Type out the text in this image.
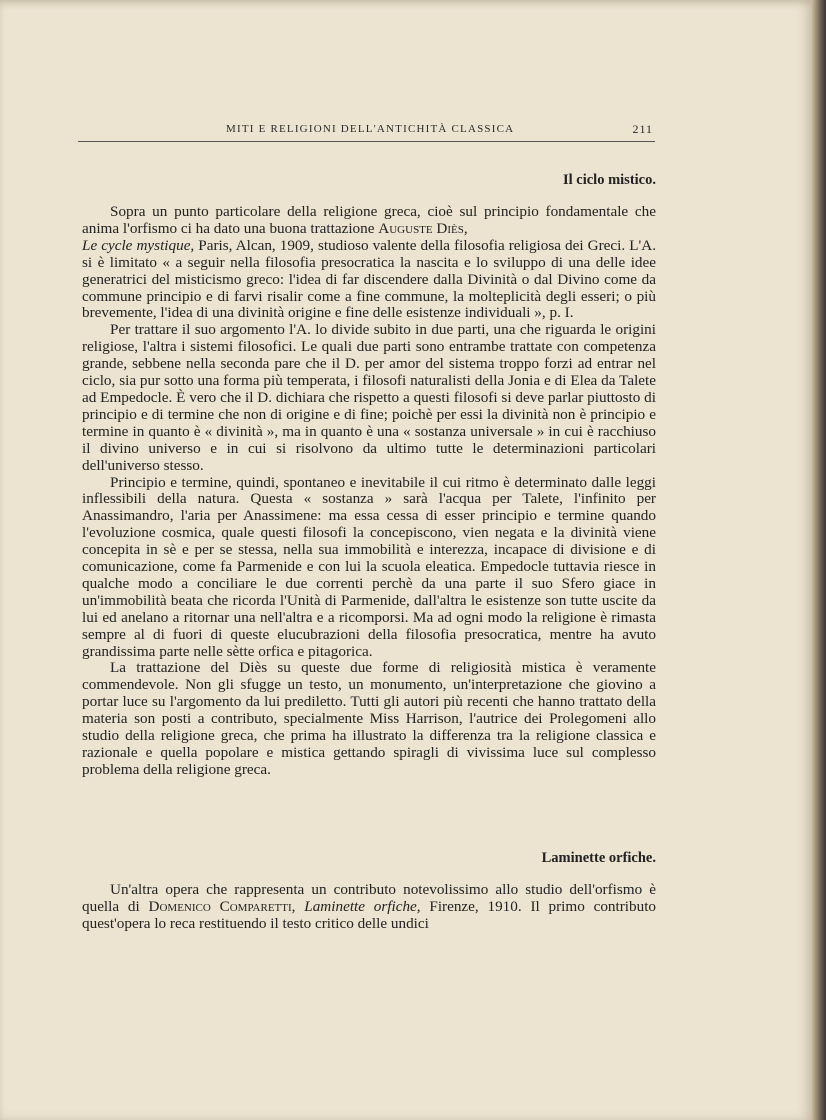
MITI E RELIGIONI DELL'ANTICHITÀ CLASSICA	211
Il ciclo mistico.

Sopra un punto particolare della religione greca, cioè sul principio fondamentale che anima l'orfismo ci ha dato una buona trattazione Auguste Diès,
Le cycle mystique, Paris, Alcan, 1909, studioso valente della filosofia religiosa dei Greci. L'A. si è limitato « a seguir nella filosofia presocratica la nascita e lo sviluppo di una delle idee generatrici del misticismo greco: l'idea di far discendere dalla Divinità o dal Divino come da commune principio e di farvi risalir come a fine commune, la molteplicità degli esseri; o più brevemente, l'idea di una divinità origine e fine delle esistenze individuali », p. I.

Per trattare il suo argomento l'A. lo divide subito in due parti, una che riguarda le origini religiose, l'altra i sistemi filosofici. Le quali due parti sono entrambe trattate con competenza grande, sebbene nella seconda pare che il D. per amor del sistema troppo forzi ad entrar nel ciclo, sia pur sotto una forma più temperata, i filosofi naturalisti della Jonia e di Elea da Talete ad Empedocle. È vero che il D. dichiara che rispetto a questi filosofi si deve parlar piuttosto di principio e di termine che non di origine e di fine; poichè per essi la divinità non è principio e termine in quanto è « divinità », ma in quanto è una « sostanza universale » in cui è racchiuso il divino universo e in cui si risolvono da ultimo tutte le determinazioni particolari dell'universo stesso.

Principio e termine, quindi, spontaneo e inevitabile il cui ritmo è determinato dalle leggi inflessibili della natura. Questa « sostanza » sarà l'acqua per Talete, l'infinito per Anassimandro, l'aria per Anassimene: ma essa cessa di esser principio e termine quando l'evoluzione cosmica, quale questi filosofi la concepiscono, vien negata e la divinità viene concepita in sè e per se stessa, nella sua immobilità e interezza, incapace di divisione e di comunicazione, come fa Parmenide e con lui la scuola eleatica. Empedocle tuttavia riesce in qualche modo a conciliare le due correnti perchè da una parte il suo Sfero giace in un'immobilità beata che ricorda l'Unità di Parmenide, dall'altra le esistenze son tutte uscite da lui ed anelano a ritornar una nell'altra e a ricomporsi. Ma ad ogni modo la religione è rimasta sempre al di fuori di queste elucubrazioni della filosofia presocratica, mentre ha avuto grandissima parte nelle sètte orfica e pitagorica.

La trattazione del Diès su queste due forme di religiosità mistica è veramente commendevole. Non gli sfugge un testo, un monumento, un'interpretazione che giovino a portar luce su l'argomento da lui prediletto. Tutti gli autori più recenti che hanno trattato della materia son posti a contributo, specialmente Miss Harrison, l'autrice dei Prolegomeni allo studio della religione greca, che prima ha illustrato la differenza tra la religione classica e razionale e quella popolare e mistica gettando spiragli di vivissima luce sul complesso problema della religione greca.

Laminette orfiche.

Un'altra opera che rappresenta un contributo notevolissimo allo studio dell'orfismo è quella di Domenico Comparetti, Laminette orfiche, Firenze, 1910. Il primo contributo quest'opera lo reca restituendo il testo critico delle undici
